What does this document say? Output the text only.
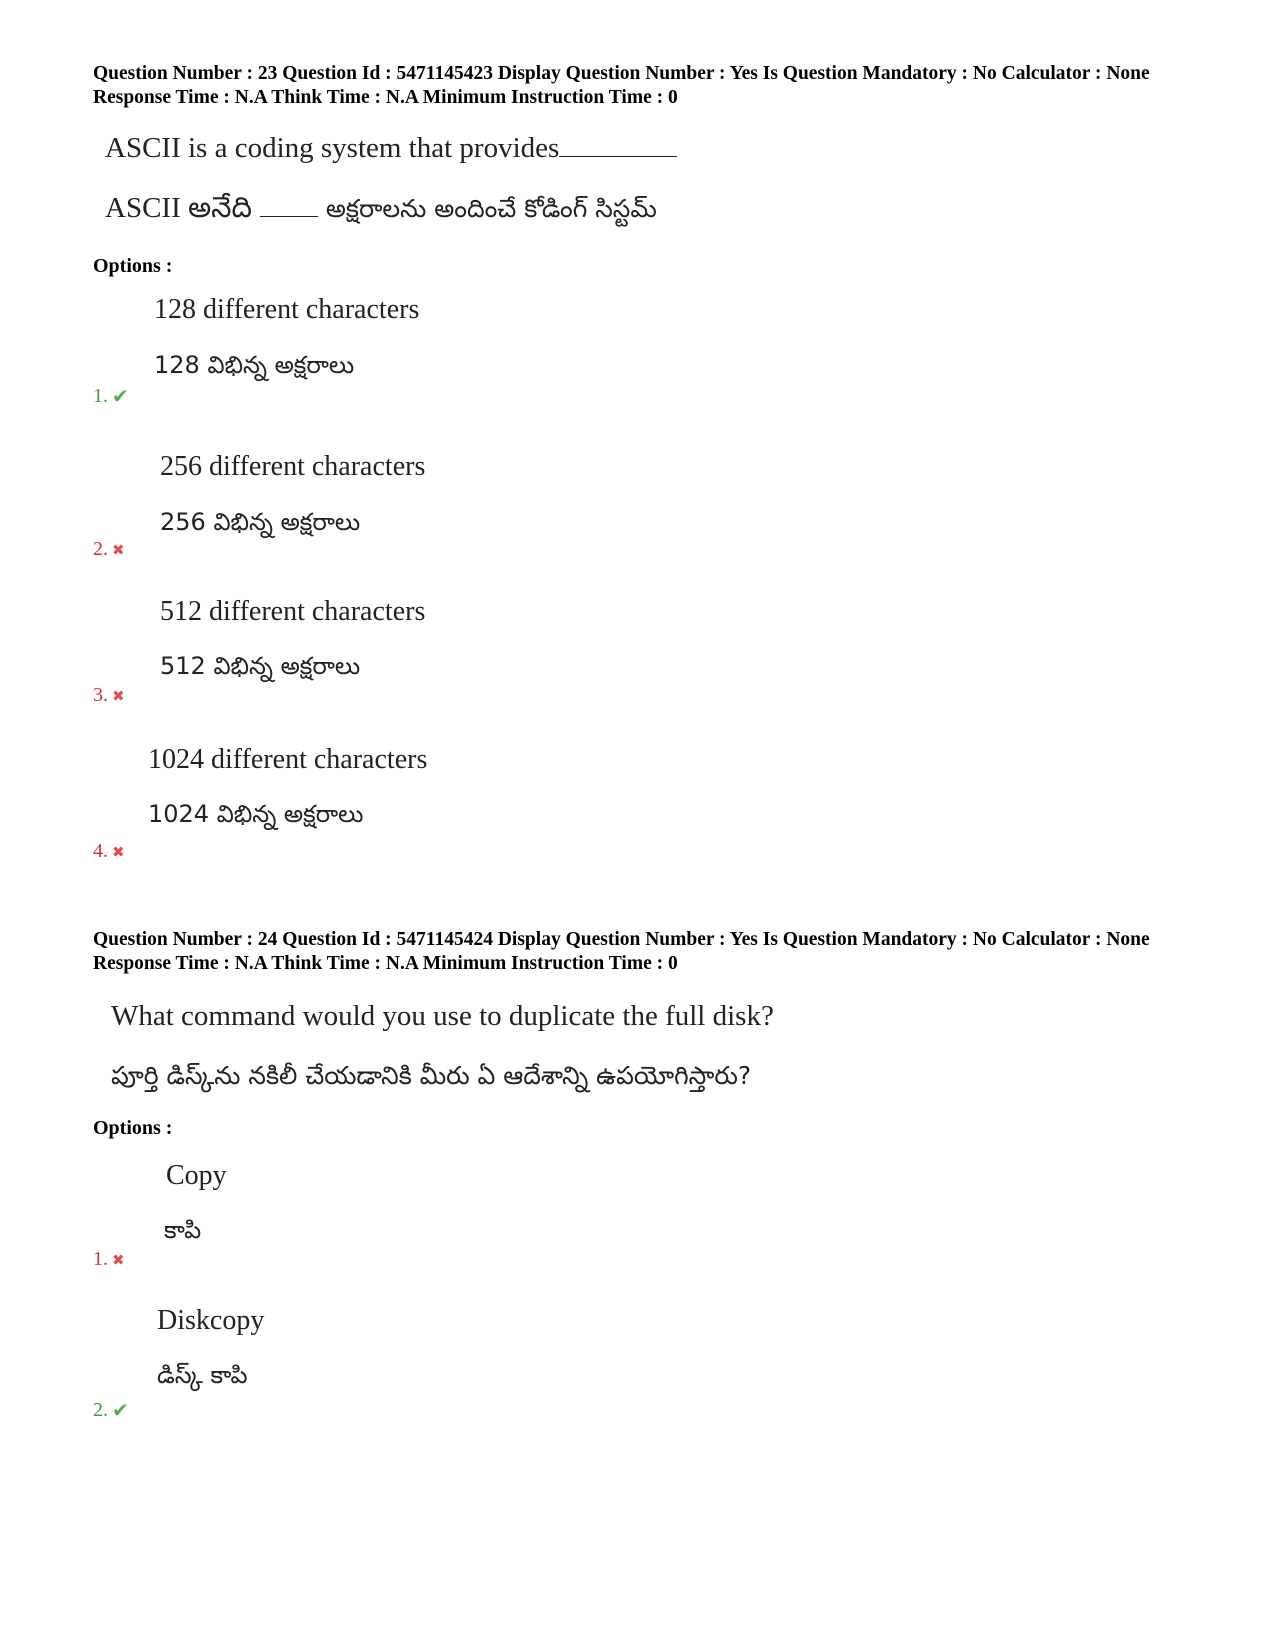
Question Number : 23 Question Id : 5471145423 Display Question Number : Yes Is Question Mandatory : No Calculator : None Response Time : N.A Think Time : N.A Minimum Instruction Time : 0
ASCII is a coding system that provides
ASCII అనేది	అక్షరాలను అందించే కోడింగ్ సిస్టమ్
Options :
128 different characters
128 విభిన్న అక్షరాలు
1. ✔
256 different characters
256 విభిన్న అక్షరాలు
2. ✖
512 different characters
512 విభిన్న అక్షరాలు
3. ✖
1024 different characters
1024 విభిన్న అక్షరాలు
4. ✖
Question Number : 24 Question Id : 5471145424 Display Question Number : Yes Is Question Mandatory : No Calculator : None Response Time : N.A Think Time : N.A Minimum Instruction Time : 0
What command would you use to duplicate the full disk?
పూర్తి డిస్క్‌ను నకిలీ చేయడానికి మీరు ఏ ఆదేశాన్ని ఉపయోగిస్తారు?
Options :
Copy
కాపి
1. ✖
Diskcopy
డిస్క్ కాపి
2. ✔
